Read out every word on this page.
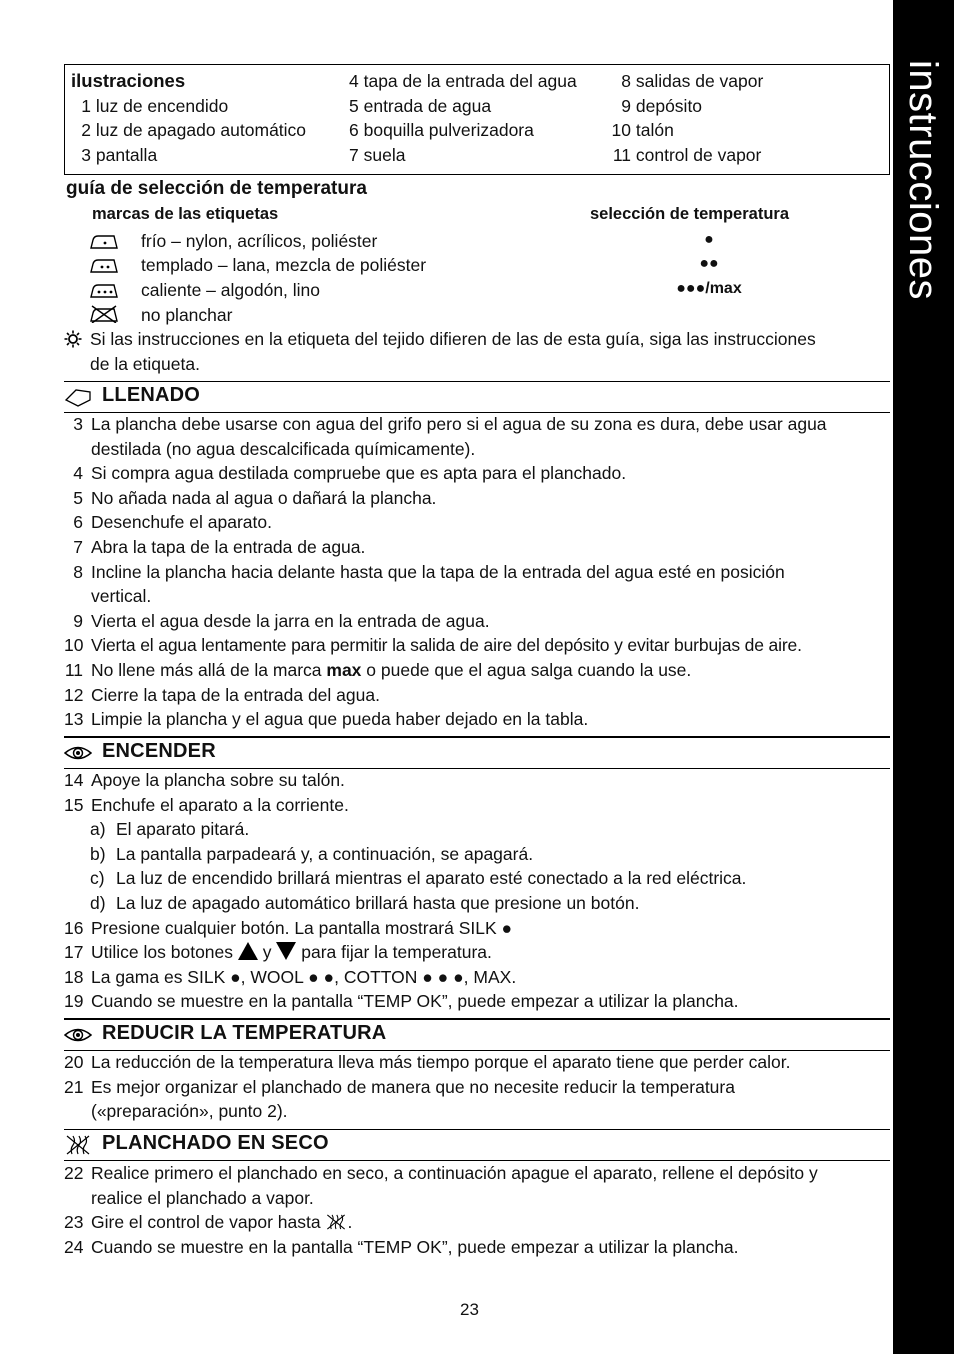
instrucciones
ilustraciones
1 luz de encendido
2 luz de apagado automático
3 pantalla
4 tapa de la entrada del agua
5 entrada de agua
6 boquilla pulverizadora
7 suela
8 salidas de vapor
9 depósito
10 talón
11 control de vapor
guía de selección de temperatura
marcas de las etiquetas	selección de temperatura
frío – nylon, acrílicos, poliéster	●
templado – lana, mezcla de poliéster	●●
caliente – algodón, lino	●●●/max
no planchar
Si las instrucciones en la etiqueta del tejido difieren de las de esta guía, siga las instrucciones
de la etiqueta.
LLENADO
3 La plancha debe usarse con agua del grifo pero si el agua de su zona es dura, debe usar agua
destilada (no agua descalcificada químicamente).
4 Si compra agua destilada compruebe que es apta para el planchado.
5 No añada nada al agua o dañará la plancha.
6 Desenchufe el aparato.
7 Abra la tapa de la entrada de agua.
8 Incline la plancha hacia delante hasta que la tapa de la entrada del agua esté en posición
vertical.
9 Vierta el agua desde la jarra en la entrada de agua.
10 Vierta el agua lentamente para permitir la salida de aire del depósito y evitar burbujas de aire.
11 No llene más allá de la marca max o puede que el agua salga cuando la use.
12 Cierre la tapa de la entrada del agua.
13 Limpie la plancha y el agua que pueda haber dejado en la tabla.
ENCENDER
14 Apoye la plancha sobre su talón.
15 Enchufe el aparato a la corriente.
a) El aparato pitará.
b) La pantalla parpadeará y, a continuación, se apagará.
c) La luz de encendido brillará mientras el aparato esté conectado a la red eléctrica.
d) La luz de apagado automático brillará hasta que presione un botón.
16 Presione cualquier botón. La pantalla mostrará SILK ●
17 Utilice los botones  y  para fijar la temperatura.
18 La gama es SILK ●, WOOL ● ●, COTTON ● ● ●, MAX.
19 Cuando se muestre en la pantalla “TEMP OK”, puede empezar a utilizar la plancha.
REDUCIR LA TEMPERATURA
20 La reducción de la temperatura lleva más tiempo porque el aparato tiene que perder calor.
21 Es mejor organizar el planchado de manera que no necesite reducir la temperatura
(«preparación», punto 2).
PLANCHADO EN SECO
22 Realice primero el planchado en seco, a continuación apague el aparato, rellene el depósito y
realice el planchado a vapor.
23 Gire el control de vapor hasta .
24 Cuando se muestre en la pantalla “TEMP OK”, puede empezar a utilizar la plancha.
23
